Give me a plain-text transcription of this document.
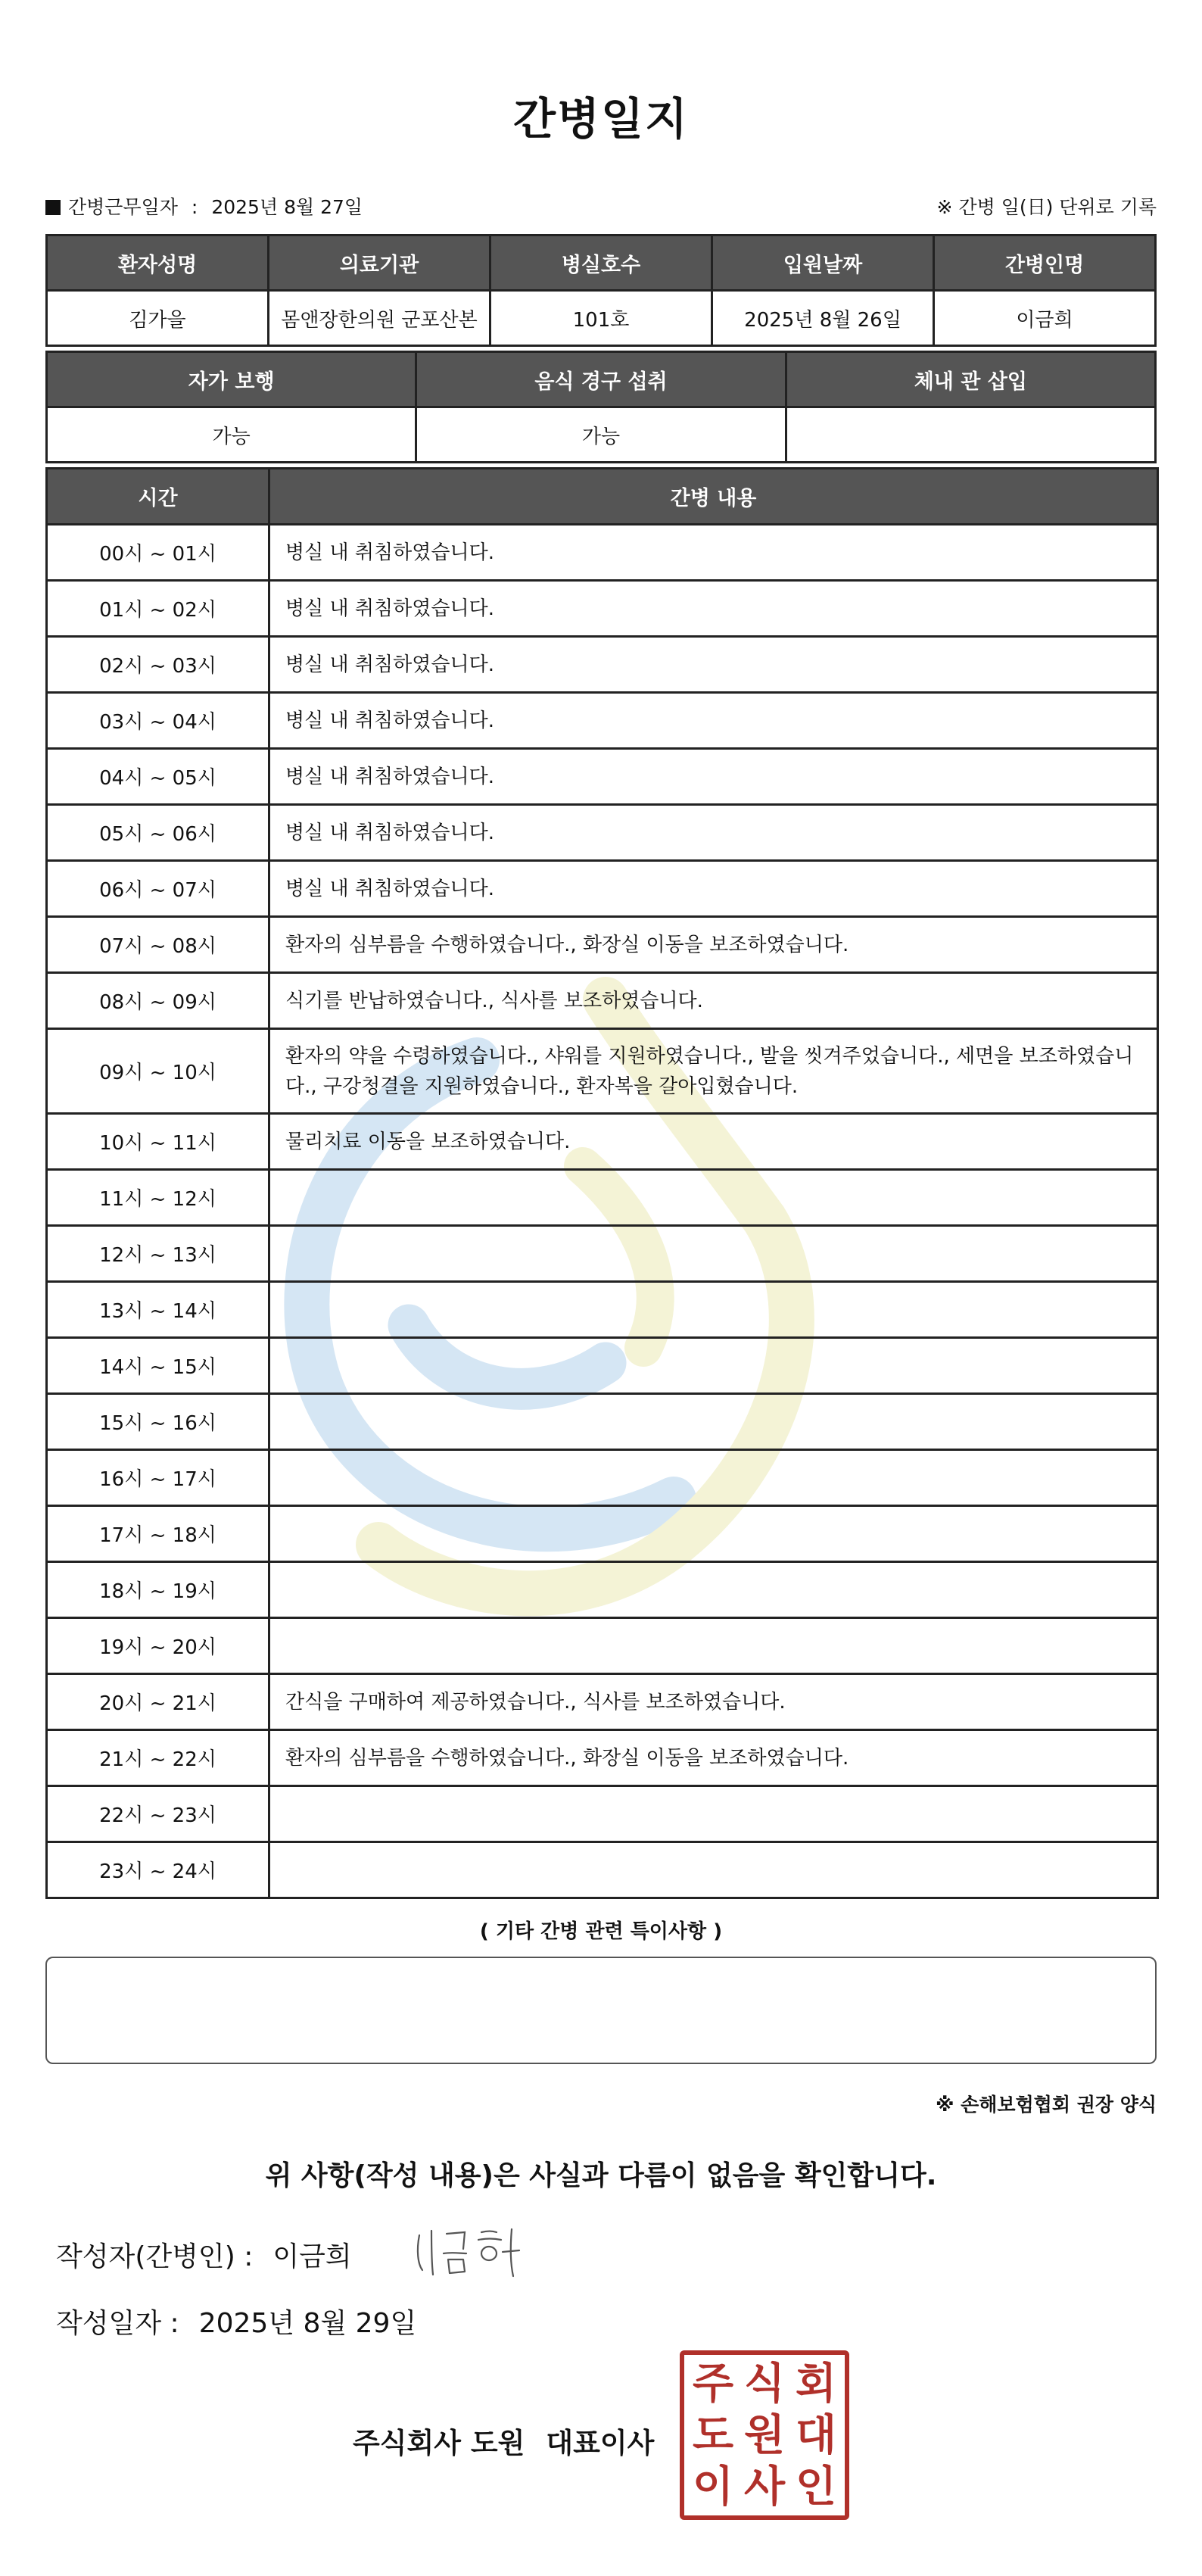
간병일지
간병근무일자 : 2025년 8월 27일	※ 간병 일(日) 단위로 기록
환자성명	의료기관	병실호수	입원날짜	간병인명
김가을	몸앤장한의원 군포산본	101호	2025년 8월 26일	이금희
자가 보행	음식 경구 섭취	체내 관 삽입
가능	가능	
시간	간병 내용
00시 ~ 01시	병실 내 취침하였습니다.
01시 ~ 02시	병실 내 취침하였습니다.
02시 ~ 03시	병실 내 취침하였습니다.
03시 ~ 04시	병실 내 취침하였습니다.
04시 ~ 05시	병실 내 취침하였습니다.
05시 ~ 06시	병실 내 취침하였습니다.
06시 ~ 07시	병실 내 취침하였습니다.
07시 ~ 08시	환자의 심부름을 수행하였습니다., 화장실 이동을 보조하였습니다.
08시 ~ 09시	식기를 반납하였습니다., 식사를 보조하였습니다.
09시 ~ 10시	환자의 약을 수령하였습니다., 샤워를 지원하였습니다., 발을 씻겨주었습니다., 세면을 보조하였습니다., 구강청결을 지원하였습니다., 환자복을 갈아입혔습니다.
10시 ~ 11시	물리치료 이동을 보조하였습니다.
11시 ~ 12시	
12시 ~ 13시	
13시 ~ 14시	
14시 ~ 15시	
15시 ~ 16시	
16시 ~ 17시	
17시 ~ 18시	
18시 ~ 19시	
19시 ~ 20시	
20시 ~ 21시	간식을 구매하여 제공하였습니다., 식사를 보조하였습니다.
21시 ~ 22시	환자의 심부름을 수행하였습니다., 화장실 이동을 보조하였습니다.
22시 ~ 23시	
23시 ~ 24시	
( 기타 간병 관련 특이사항 )
※ 손해보험협회 권장 양식
위 사항(작성 내용)은 사실과 다름이 없음을 확인합니다.
작성자(간병인) : 이금희
작성일자 : 2025년 8월 29일
주식회사 도원 대표이사
주 식 회
도 원 대
이 사 인
